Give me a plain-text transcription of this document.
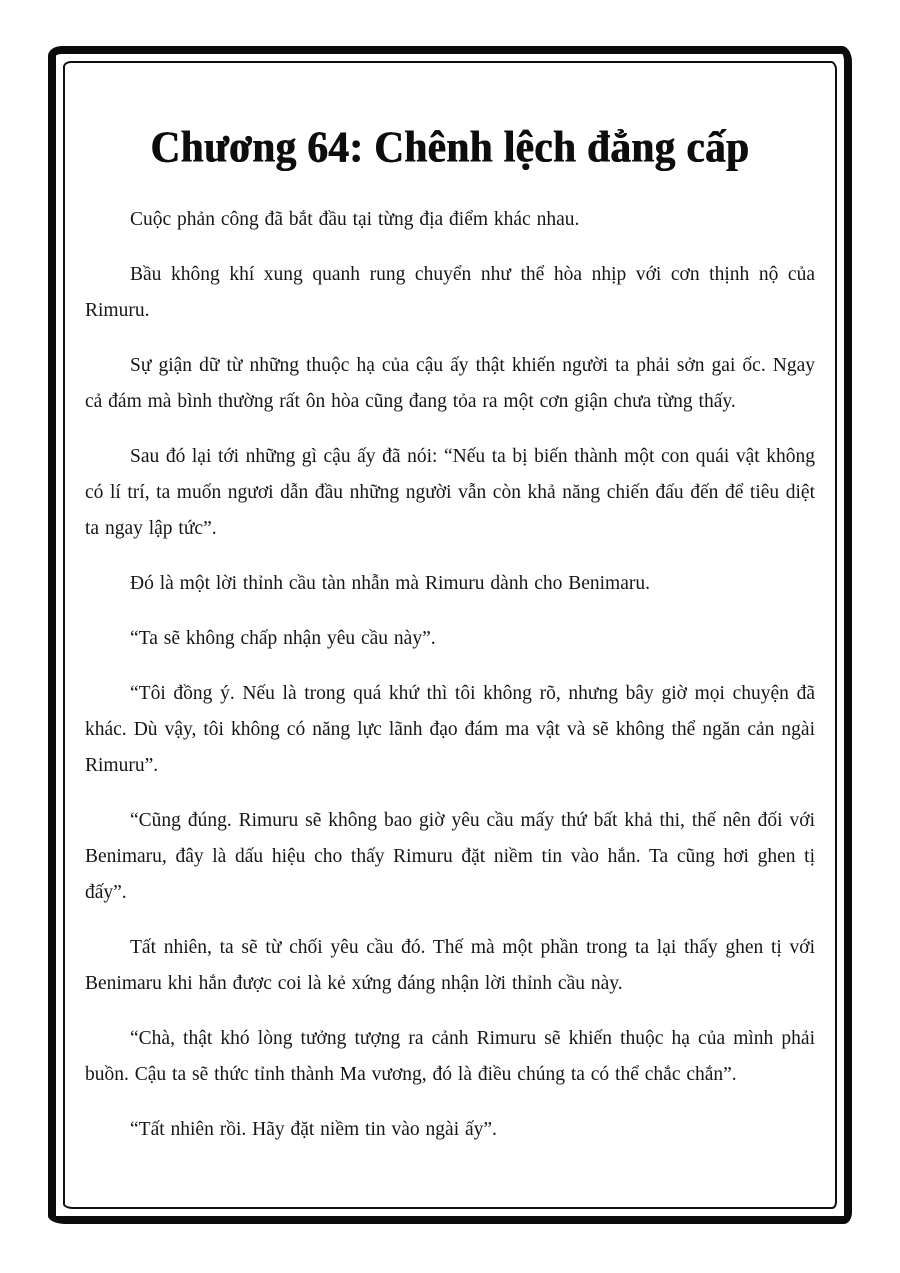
Chương 64: Chênh lệch đẳng cấp

Cuộc phản công đã bắt đầu tại từng địa điểm khác nhau.

Bầu không khí xung quanh rung chuyển như thể hòa nhịp với cơn thịnh nộ của Rimuru.

Sự giận dữ từ những thuộc hạ của cậu ấy thật khiến người ta phải sởn gai ốc. Ngay cả đám mà bình thường rất ôn hòa cũng đang tỏa ra một cơn giận chưa từng thấy.

Sau đó lại tới những gì cậu ấy đã nói: “Nếu ta bị biến thành một con quái vật không có lí trí, ta muốn ngươi dẫn đầu những người vẫn còn khả năng chiến đấu đến để tiêu diệt ta ngay lập tức”.

Đó là một lời thỉnh cầu tàn nhẫn mà Rimuru dành cho Benimaru.

“Ta sẽ không chấp nhận yêu cầu này”.

“Tôi đồng ý. Nếu là trong quá khứ thì tôi không rõ, nhưng bây giờ mọi chuyện đã khác. Dù vậy, tôi không có năng lực lãnh đạo đám ma vật và sẽ không thể ngăn cản ngài Rimuru”.

“Cũng đúng. Rimuru sẽ không bao giờ yêu cầu mấy thứ bất khả thi, thế nên đối với Benimaru, đây là dấu hiệu cho thấy Rimuru đặt niềm tin vào hắn. Ta cũng hơi ghen tị đấy”.

Tất nhiên, ta sẽ từ chối yêu cầu đó. Thế mà một phần trong ta lại thấy ghen tị với Benimaru khi hắn được coi là kẻ xứng đáng nhận lời thỉnh cầu này.

“Chà, thật khó lòng tưởng tượng ra cảnh Rimuru sẽ khiến thuộc hạ của mình phải buồn. Cậu ta sẽ thức tỉnh thành Ma vương, đó là điều chúng ta có thể chắc chắn”.

“Tất nhiên rồi. Hãy đặt niềm tin vào ngài ấy”.
